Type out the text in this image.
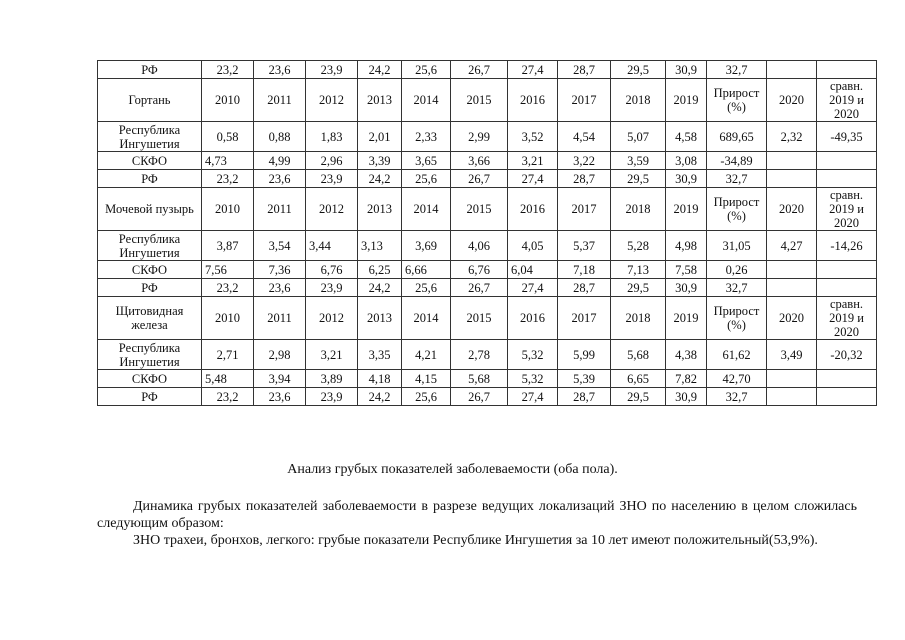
РФ	23,2	23,6	23,9	24,2	25,6	26,7	27,4	28,7	29,5	30,9	32,7		
Гортань	2010	2011	2012	2013	2014	2015	2016	2017	2018	2019	Прирост (%)	2020	сравн. 2019 и 2020
Республика Ингушетия	0,58	0,88	1,83	2,01	2,33	2,99	3,52	4,54	5,07	4,58	689,65	2,32	-49,35
СКФО	4,73	4,99	2,96	3,39	3,65	3,66	3,21	3,22	3,59	3,08	-34,89		
РФ	23,2	23,6	23,9	24,2	25,6	26,7	27,4	28,7	29,5	30,9	32,7		
Мочевой пузырь	2010	2011	2012	2013	2014	2015	2016	2017	2018	2019	Прирост (%)	2020	сравн. 2019 и 2020
Республика Ингушетия	3,87	3,54	3,44	3,13	3,69	4,06	4,05	5,37	5,28	4,98	31,05	4,27	-14,26
СКФО	7,56	7,36	6,76	6,25	6,66	6,76	6,04	7,18	7,13	7,58	0,26		
РФ	23,2	23,6	23,9	24,2	25,6	26,7	27,4	28,7	29,5	30,9	32,7		
Щитовидная железа	2010	2011	2012	2013	2014	2015	2016	2017	2018	2019	Прирост (%)	2020	сравн. 2019 и 2020
Республика Ингушетия	2,71	2,98	3,21	3,35	4,21	2,78	5,32	5,99	5,68	4,38	61,62	3,49	-20,32
СКФО	5,48	3,94	3,89	4,18	4,15	5,68	5,32	5,39	6,65	7,82	42,70		
РФ	23,2	23,6	23,9	24,2	25,6	26,7	27,4	28,7	29,5	30,9	32,7		
Анализ грубых показателей заболеваемости (оба пола).
Динамика грубых показателей заболеваемости в разрезе ведущих локализаций ЗНО по населению в целом сложилась следующим образом:
ЗНО трахеи, бронхов, легкого: грубые показатели Республике Ингушетия за 10 лет имеют положительный(53,9%).
